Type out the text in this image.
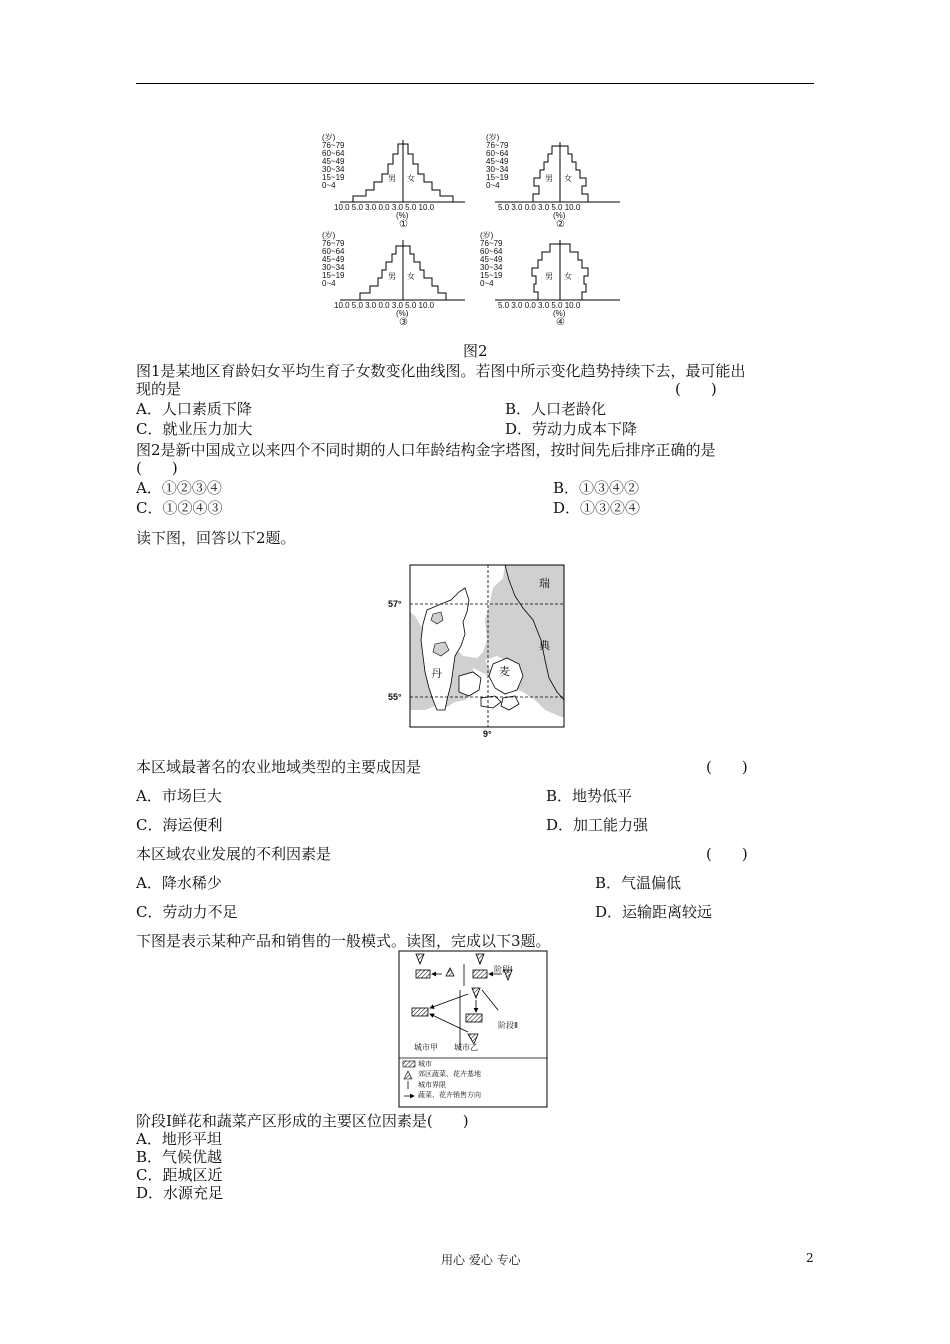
(岁)
76~79
60~64
45~49
30~34
15~19
0~4
(岁)
76~79
60~64
45~49
30~34
15~19
0~4
(岁)
76~79
60~64
45~49
30~34
15~19
0~4
(岁)
76~79
60~64
45~49
30~34
15~19
0~4
男 女	男 女
男 女	男 女
10.0 5.0 3.0 0.0 3.0 5.0 10.0
(%)
①
5.0 3.0 0.0 3.0 5.0 10.0
(%)
②
10.0 5.0 3.0 0.0 3.0 5.0 10.0
(%)
③
5.0 3.0 0.0 3.0 5.0 10.0
(%)
④
图2
图1是某地区育龄妇女平均生育子女数变化曲线图。若图中所示变化趋势持续下去，最可能出
现的是	(　　)
A．人口素质下降	B．人口老龄化
C．就业压力加大	D．劳动力成本下降
图2是新中国成立以来四个不同时期的人口年龄结构金字塔图，按时间先后排序正确的是
(　　)
A．①②③④	B．①③④②
C．①②④③	D．①③②④
读下图，回答以下2题。
57°
55°
9°
瑞
典
丹	麦
本区域最著名的农业地域类型的主要成因是	(　　)
A．市场巨大	B．地势低平
C．海运便利	D．加工能力强
本区域农业发展的不利因素是	(　　)
A．降水稀少	B．气温偏低
C．劳动力不足	D．运输距离较远
下图是表示某种产品和销售的一般模式。读图，完成以下3题。
阶段Ⅰ
阶段Ⅱ
城市甲 城市乙
城市
郊区蔬菜、花卉基地
城市界限
蔬菜、花卉销售方向
阶段Ⅰ鲜花和蔬菜产区形成的主要区位因素是(　　)
A．地形平坦
B．气候优越
C．距城区近
D．水源充足
用心 爱心 专心	2
